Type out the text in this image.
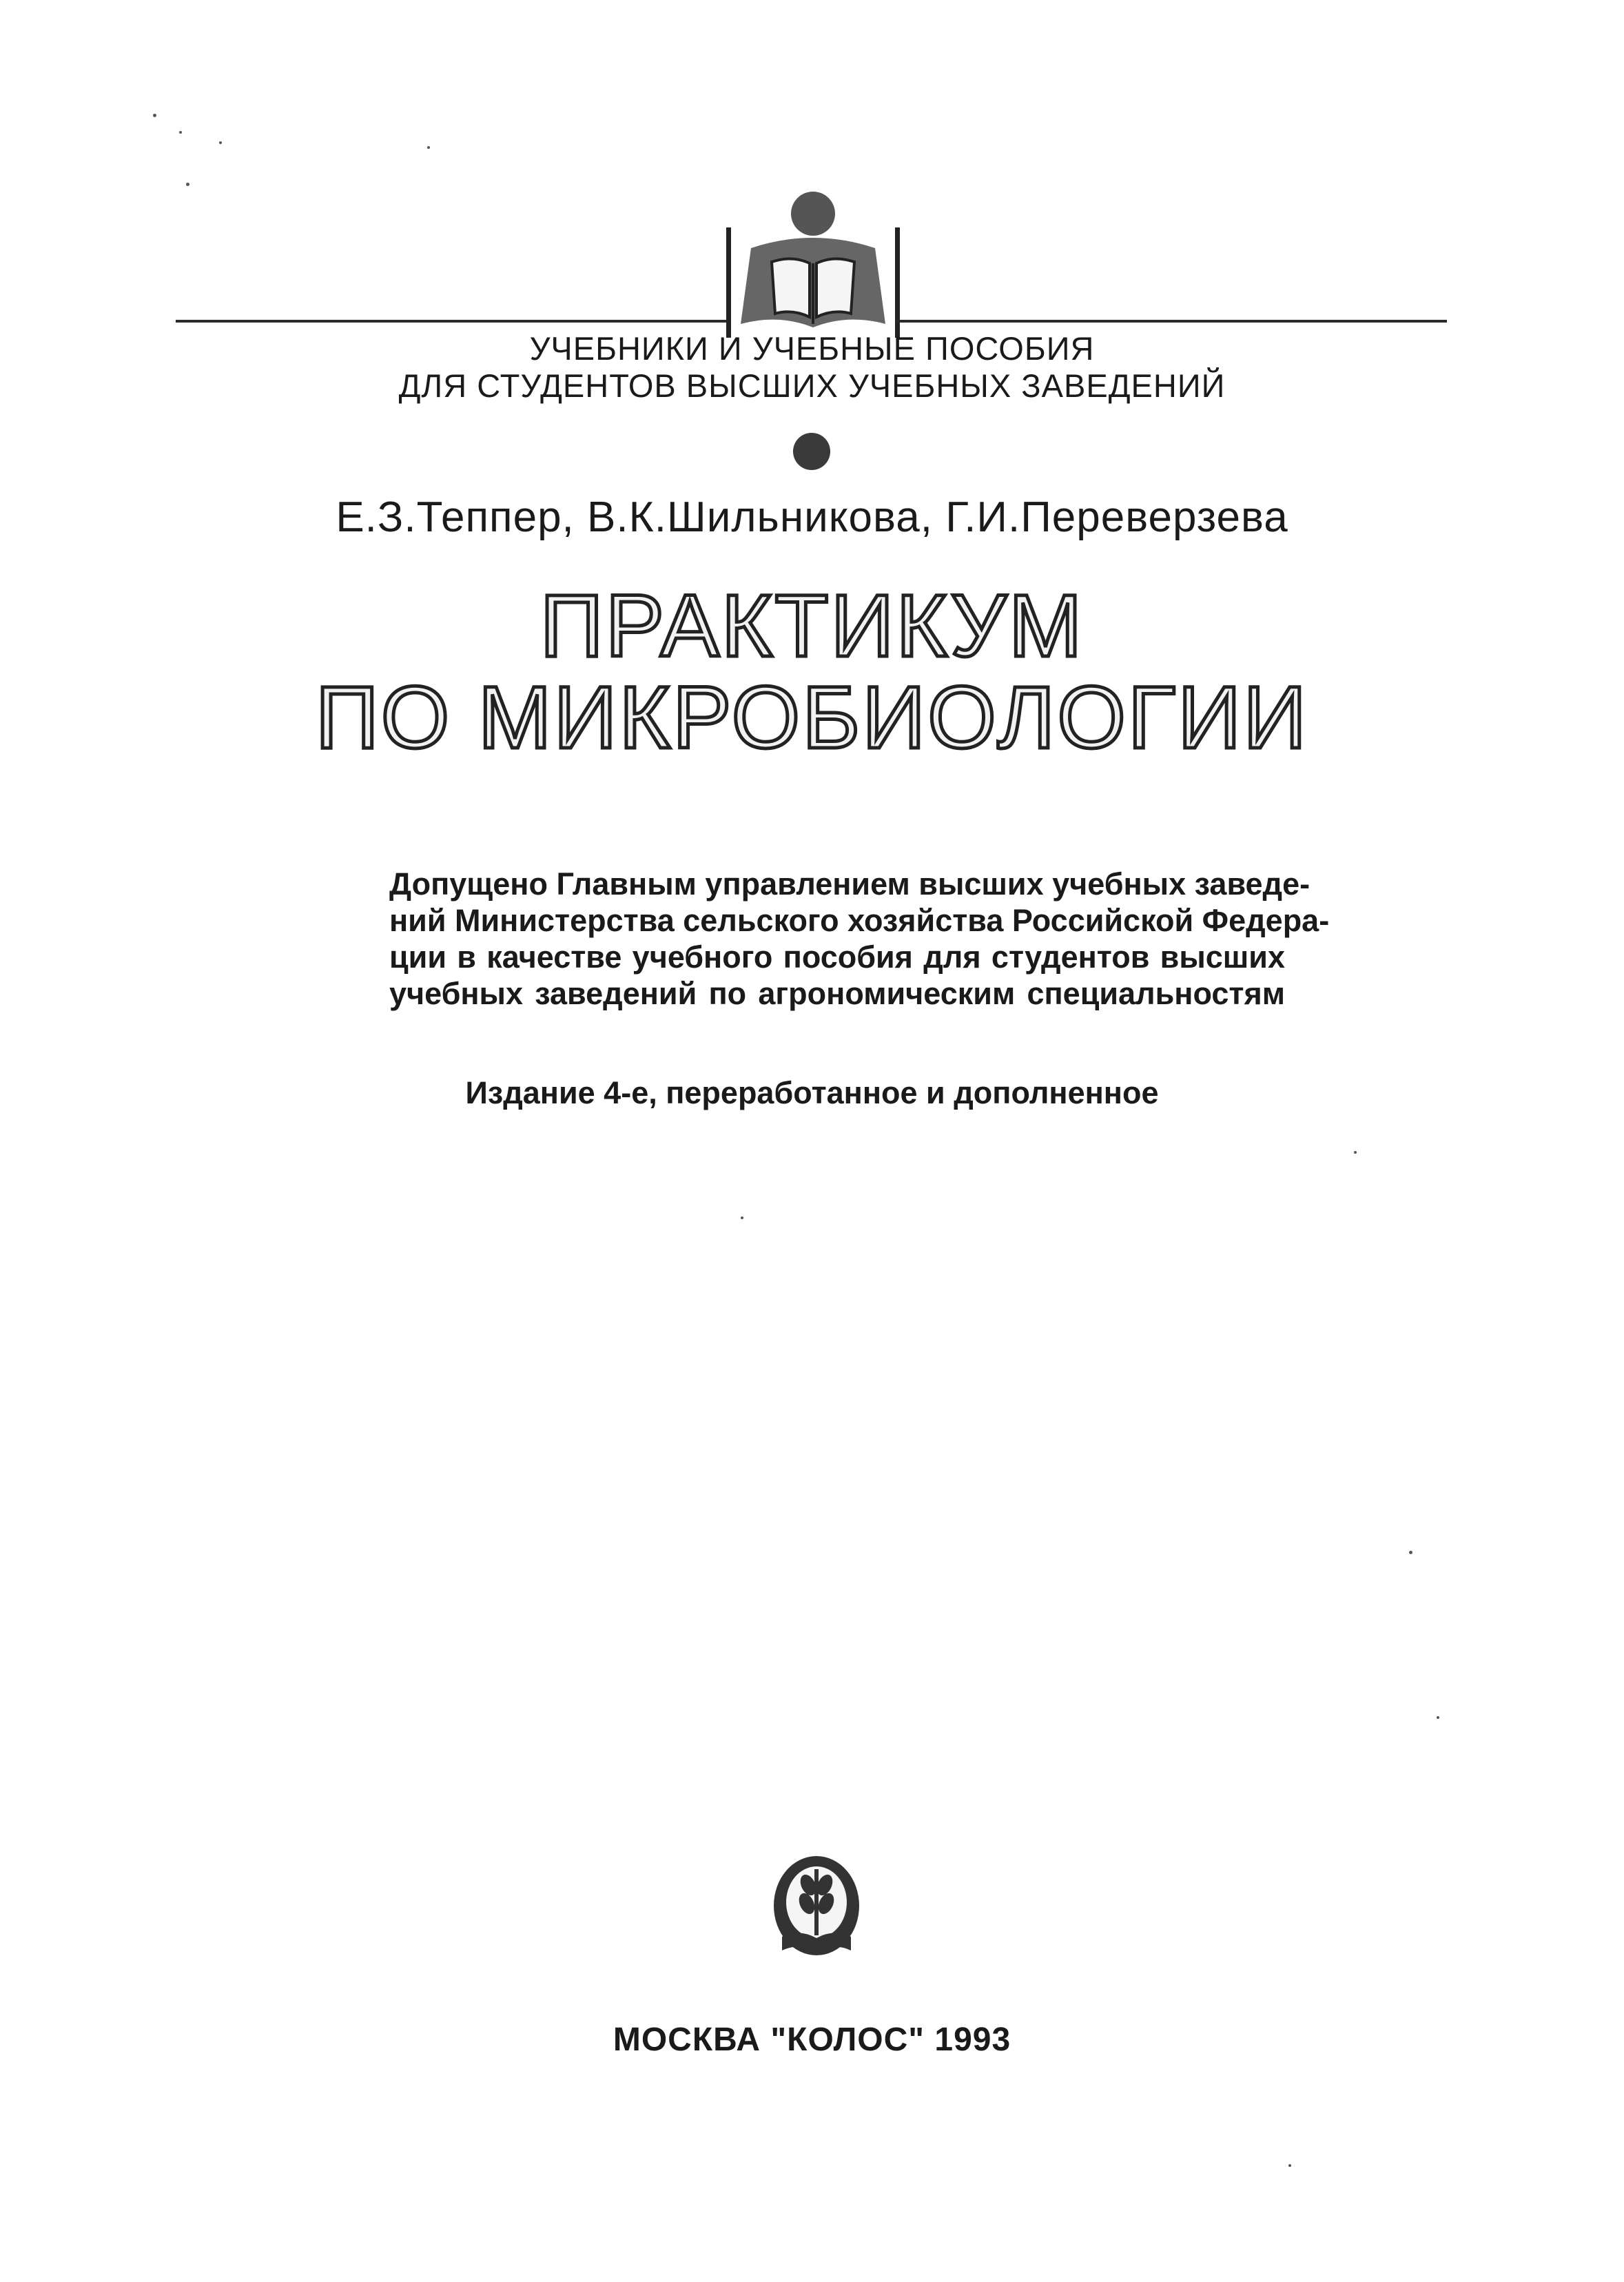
УЧЕБНИКИ И УЧЕБНЫЕ ПОСОБИЯ
ДЛЯ СТУДЕНТОВ ВЫСШИХ УЧЕБНЫХ ЗАВЕДЕНИЙ
Е.З.Теппер, В.К.Шильникова, Г.И.Переверзева
ПРАКТИКУМ
ПО МИКРОБИОЛОГИИ
Допущено Главным управлением высших учебных заведе-
ний Министерства сельского хозяйства Российской Федера-
ции в качестве учебного пособия для студентов высших
учебных заведений по агрономическим специальностям
Издание 4-е, переработанное и дополненное
МОСКВА "КОЛОС" 1993
